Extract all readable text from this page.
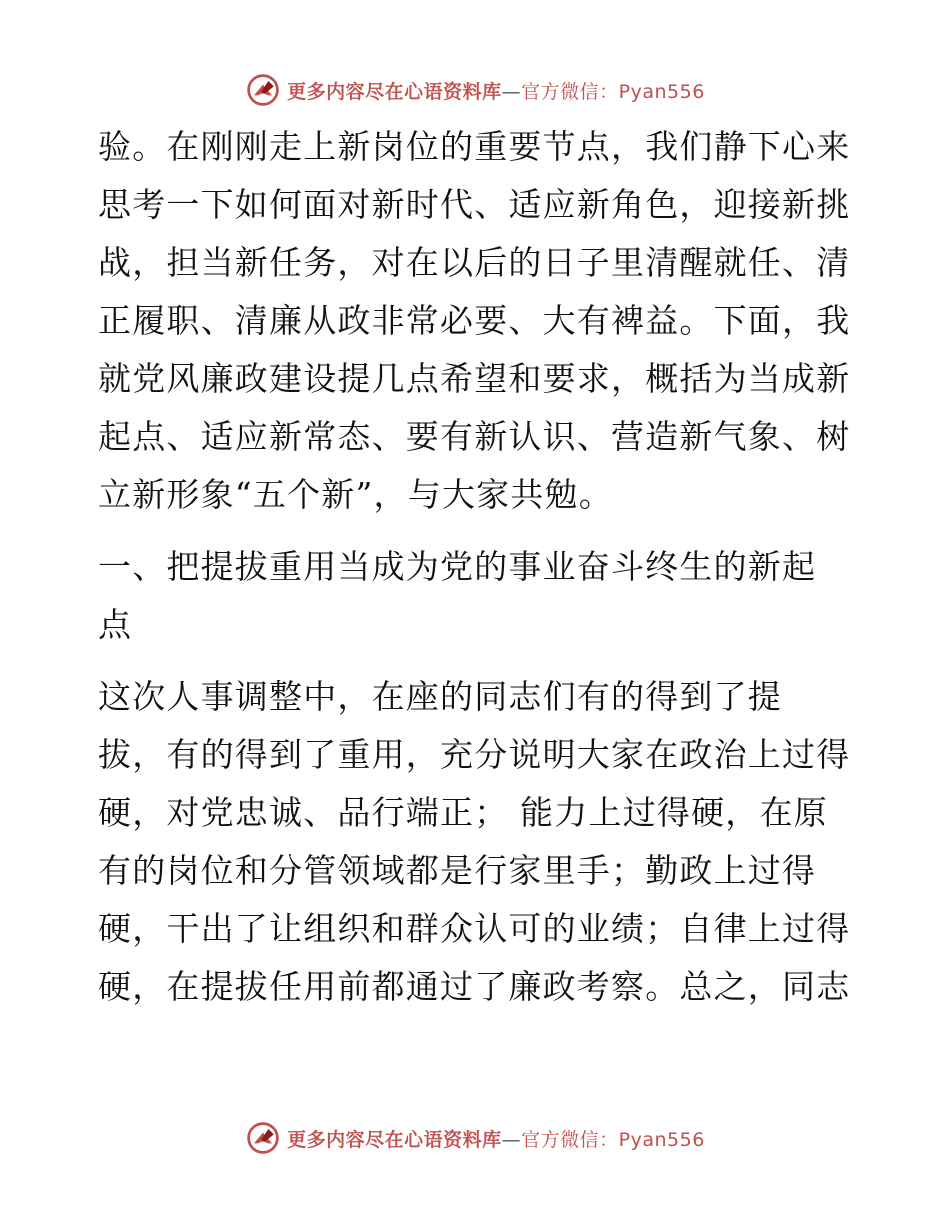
更多内容尽在心语资料库—官方微信：Pyan556
验。在刚刚走上新岗位的重要节点，我们静下心来
思考一下如何面对新时代、适应新角色，迎接新挑
战，担当新任务，对在以后的日子里清醒就任、清
正履职、清廉从政非常必要、大有裨益。下面，我
就党风廉政建设提几点希望和要求，概括为当成新
起点、适应新常态、要有新认识、营造新气象、树
立新形象“五个新”，与大家共勉。
一、把提拔重用当成为党的事业奋斗终生的新起
点
这次人事调整中，在座的同志们有的得到了提
拔，有的得到了重用，充分说明大家在政治上过得
硬，对党忠诚、品行端正； 能力上过得硬，在原
有的岗位和分管领域都是行家里手；勤政上过得
硬，干出了让组织和群众认可的业绩；自律上过得
硬，在提拔任用前都通过了廉政考察。总之，同志
更多内容尽在心语资料库—官方微信：Pyan556
